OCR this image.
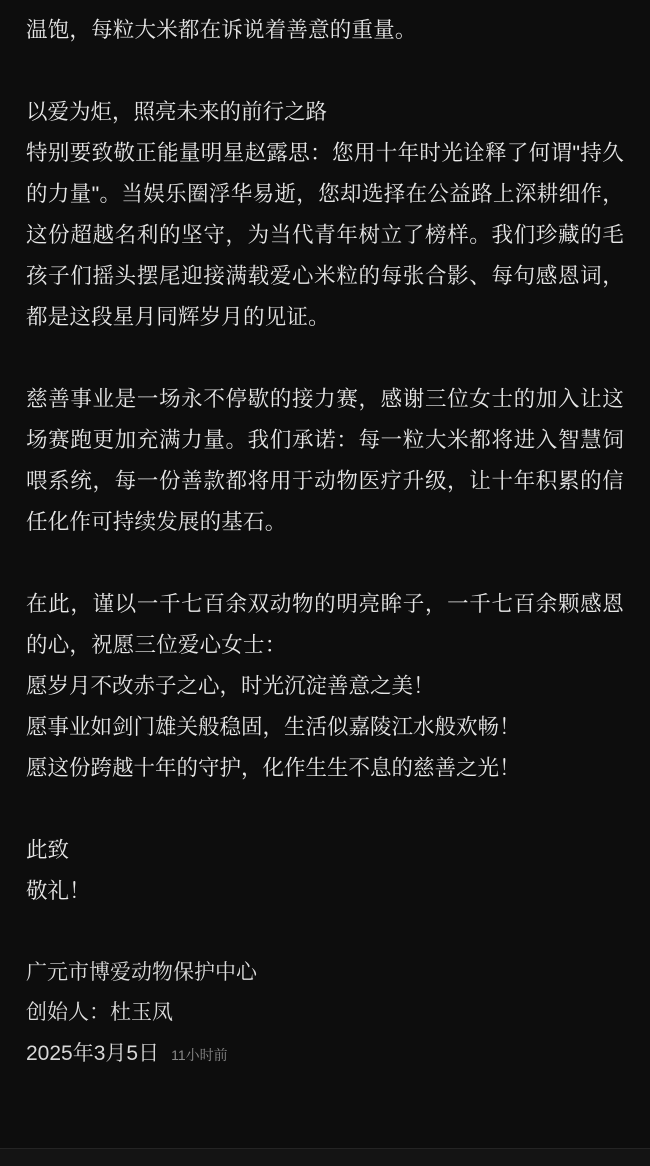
温饱，每粒大米都在诉说着善意的重量。

以爱为炬，照亮未来的前行之路

特别要致敬正能量明星赵露思：您用十年时光诠释了何谓"持久的力量"。当娱乐圈浮华易逝，您却选择在公益路上深耕细作，这份超越名利的坚守，为当代青年树立了榜样。我们珍藏的毛孩子们摇头摆尾迎接满载爱心米粒的每张合影、每句感恩词，都是这段星月同辉岁月的见证。

慈善事业是一场永不停歇的接力赛，感谢三位女士的加入让这场赛跑更加充满力量。我们承诺：每一粒大米都将进入智慧饲喂系统，每一份善款都将用于动物医疗升级，让十年积累的信任化作可持续发展的基石。

在此，谨以一千七百余双动物的明亮眸子，一千七百余颗感恩的心，祝愿三位爱心女士：

愿岁月不改赤子之心，时光沉淀善意之美！

愿事业如剑门雄关般稳固，生活似嘉陵江水般欢畅！

愿这份跨越十年的守护，化作生生不息的慈善之光！

此致

敬礼！

广元市博爱动物保护中心

创始人：杜玉凤

2025年3月5日 11小时前
